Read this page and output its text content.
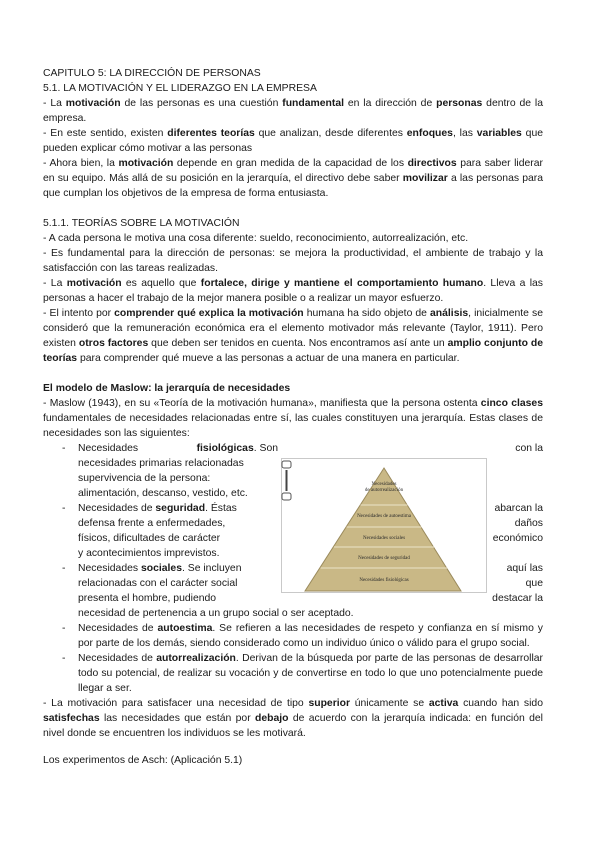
CAPITULO 5: LA DIRECCIÓN DE PERSONAS

5.1. LA MOTIVACIÓN Y EL LIDERAZGO EN LA EMPRESA

- La motivación de las personas es una cuestión fundamental en la dirección de personas dentro de la empresa.

- En este sentido, existen diferentes teorías que analizan, desde diferentes enfoques, las variables que pueden explicar cómo motivar a las personas

- Ahora bien, la motivación depende en gran medida de la capacidad de los directivos para saber liderar en su equipo. Más allá de su posición en la jerarquía, el directivo debe saber movilizar a las personas para que cumplan los objetivos de la empresa de forma entusiasta.

5.1.1. TEORÍAS SOBRE LA MOTIVACIÓN

- A cada persona le motiva una cosa diferente: sueldo, reconocimiento, autorrealización, etc.

- Es fundamental para la dirección de personas: se mejora la productividad, el ambiente de trabajo y la satisfacción con las tareas realizadas.

- La motivación es aquello que fortalece, dirige y mantiene el comportamiento humano. Lleva a las personas a hacer el trabajo de la mejor manera posible o a realizar un mayor esfuerzo.

- El intento por comprender qué explica la motivación humana ha sido objeto de análisis, inicialmente se consideró que la remuneración económica era el elemento motivador más relevante (Taylor, 1911). Pero existen otros factores que deben ser tenidos en cuenta. Nos encontramos así ante un amplio conjunto de teorías para comprender qué mueve a las personas a actuar de una manera en particular.

El modelo de Maslow: la jerarquía de necesidades

- Maslow (1943), en su «Teoría de la motivación humana», manifiesta que la persona ostenta cinco clases fundamentales de necesidades relacionadas entre sí, las cuales constituyen una jerarquía. Estas clases de necesidades son las siguientes:

- Necesidades	fisiológicas. Son	con la
necesidades primarias relacionadas
supervivencia de la persona:
alimentación, descanso, vestido, etc.
- Necesidades de seguridad. Éstas	abarcan la
defensa frente a enfermedades,	daños
físicos, dificultades de carácter	económico
y acontecimientos imprevistos.
- Necesidades sociales. Se incluyen	aquí las
relacionadas con el carácter social	que
presenta el hombre, pudiendo	destacar la
necesidad de pertenencia a un grupo social o ser aceptado.
- Necesidades de autoestima. Se refieren a las necesidades de respeto y confianza en sí mismo y por parte de los demás, siendo considerado como un individuo único o válido para el grupo social.
- Necesidades de autorrealización. Derivan de la búsqueda por parte de las personas de desarrollar todo su potencial, de realizar su vocación y de convertirse en todo lo que uno potencialmente puede llegar a ser.

- La motivación para satisfacer una necesidad de tipo superior únicamente se activa cuando han sido satisfechas las necesidades que están por debajo de acuerdo con la jerarquía indicada: en función del nivel donde se encuentren los individuos se les motivará.

Los experimentos de Asch: (Aplicación 5.1)

Necesidades de autorrealización
Necesidades de autoestima
Necesidades sociales
Necesidades de seguridad
Necesidades fisiológicas
